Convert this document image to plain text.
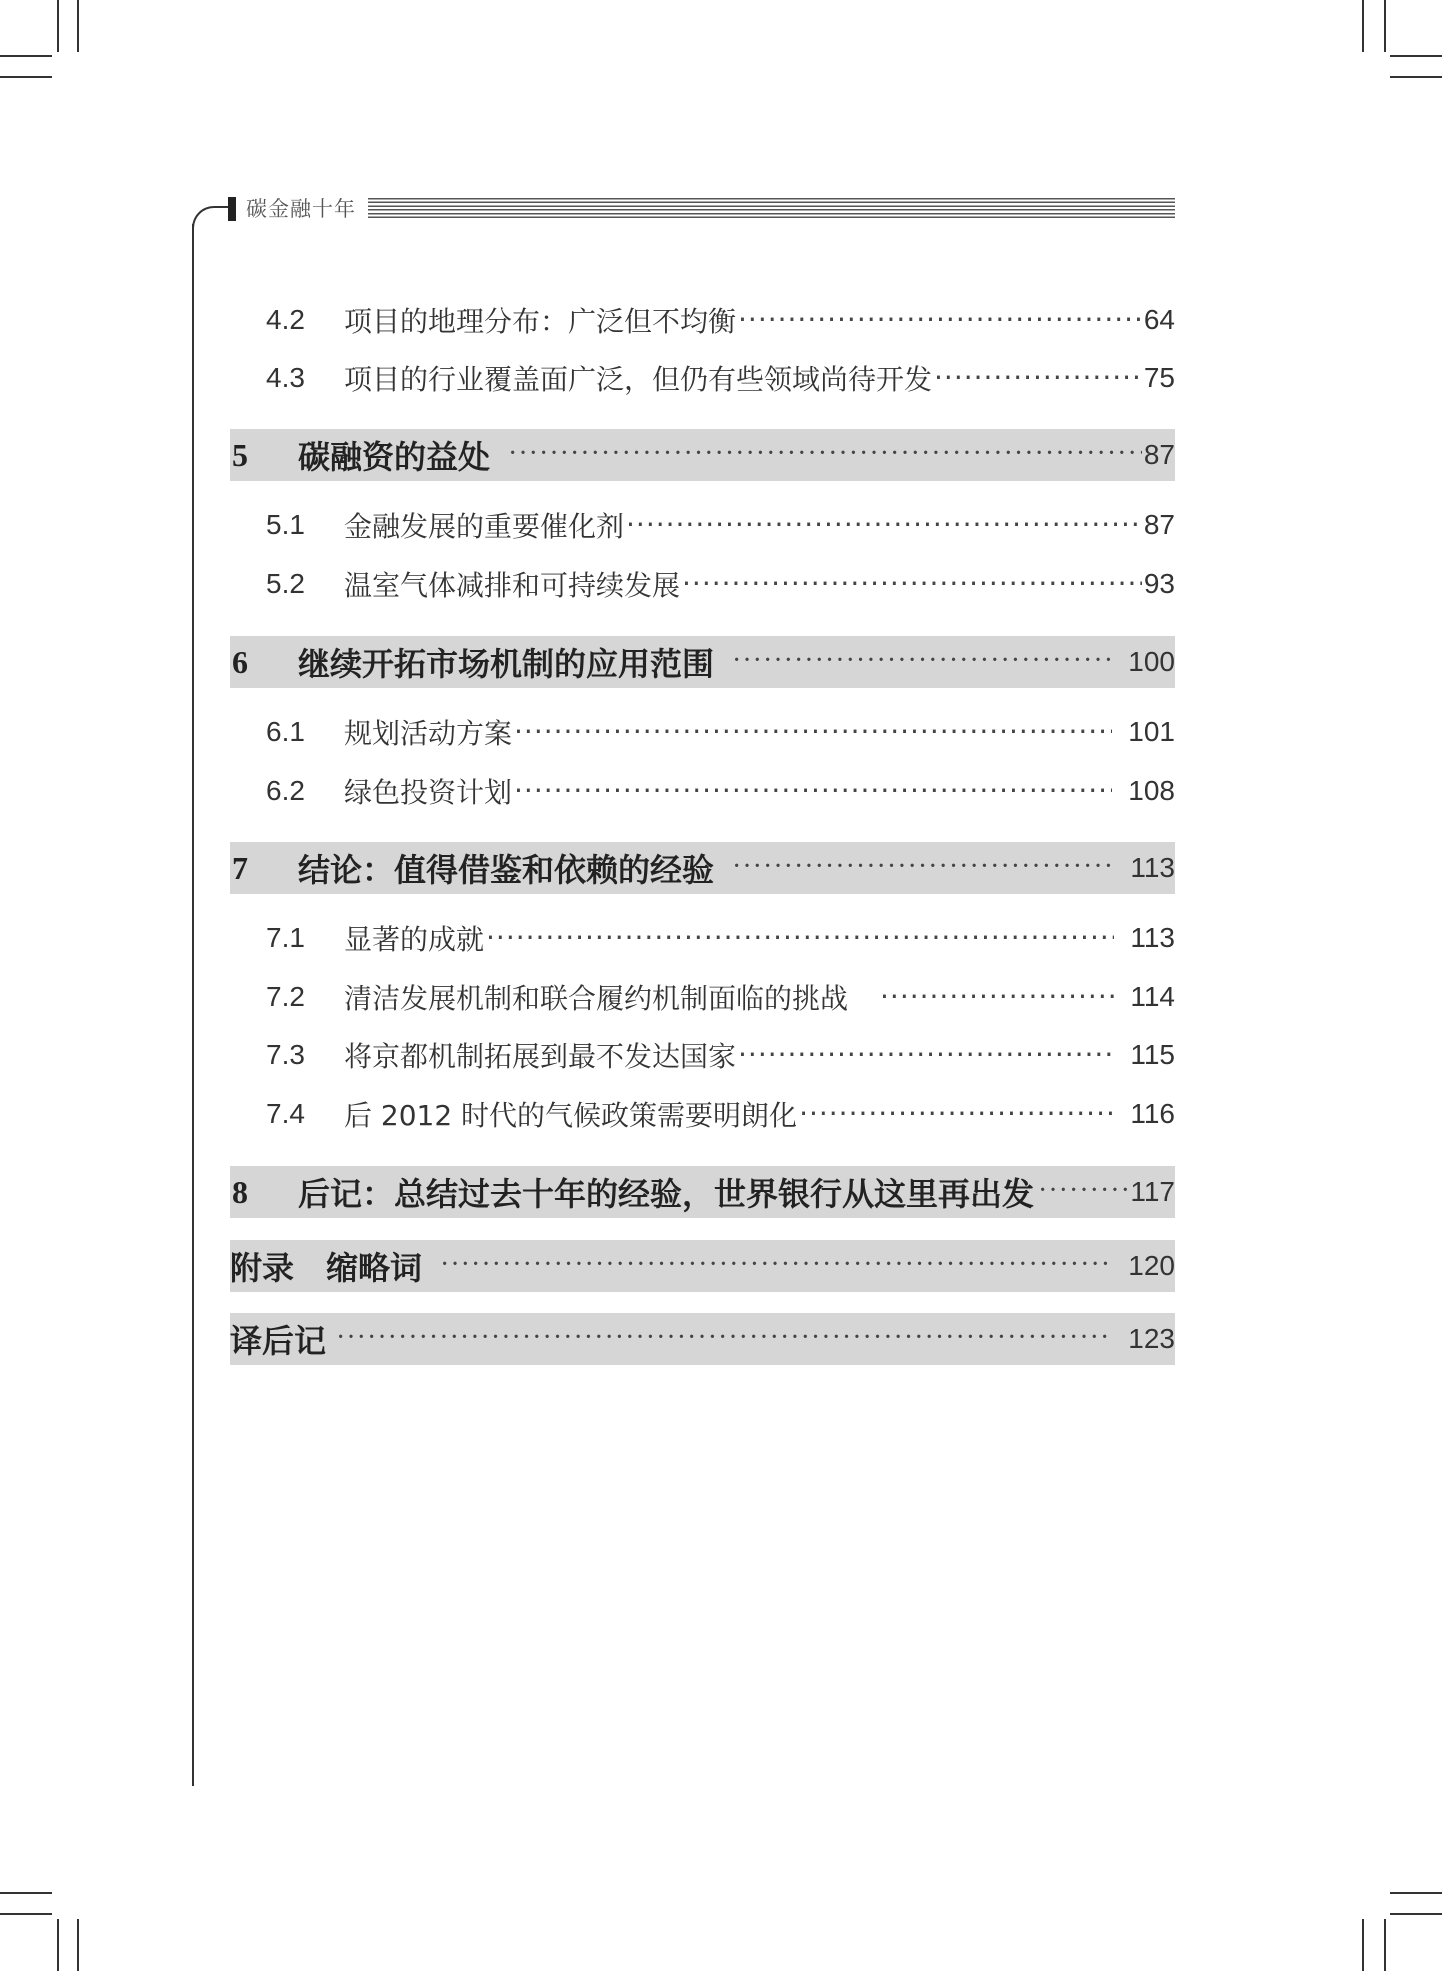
碳金融十年
4.2	项目的地理分布：广泛但不均衡 ·····	64
4.3	项目的行业覆盖面广泛，但仍有些领域尚待开发 ·····	75
5	碳融资的益处 ·····	87
5.1	金融发展的重要催化剂 ·····	87
5.2	温室气体减排和可持续发展 ·····	93
6	继续开拓市场机制的应用范围 ·····	100
6.1	规划活动方案 ·····	101
6.2	绿色投资计划 ·····	108
7	结论：值得借鉴和依赖的经验 ·····	113
7.1	显著的成就 ·····	113
7.2	清洁发展机制和联合履约机制面临的挑战 ·····	114
7.3	将京都机制拓展到最不发达国家 ·····	115
7.4	后 2012 时代的气候政策需要明朗化 ·····	116
8	后记：总结过去十年的经验，世界银行从这里再出发 ·····	117
附录　缩略词 ·····	120
译后记 ·····	123
